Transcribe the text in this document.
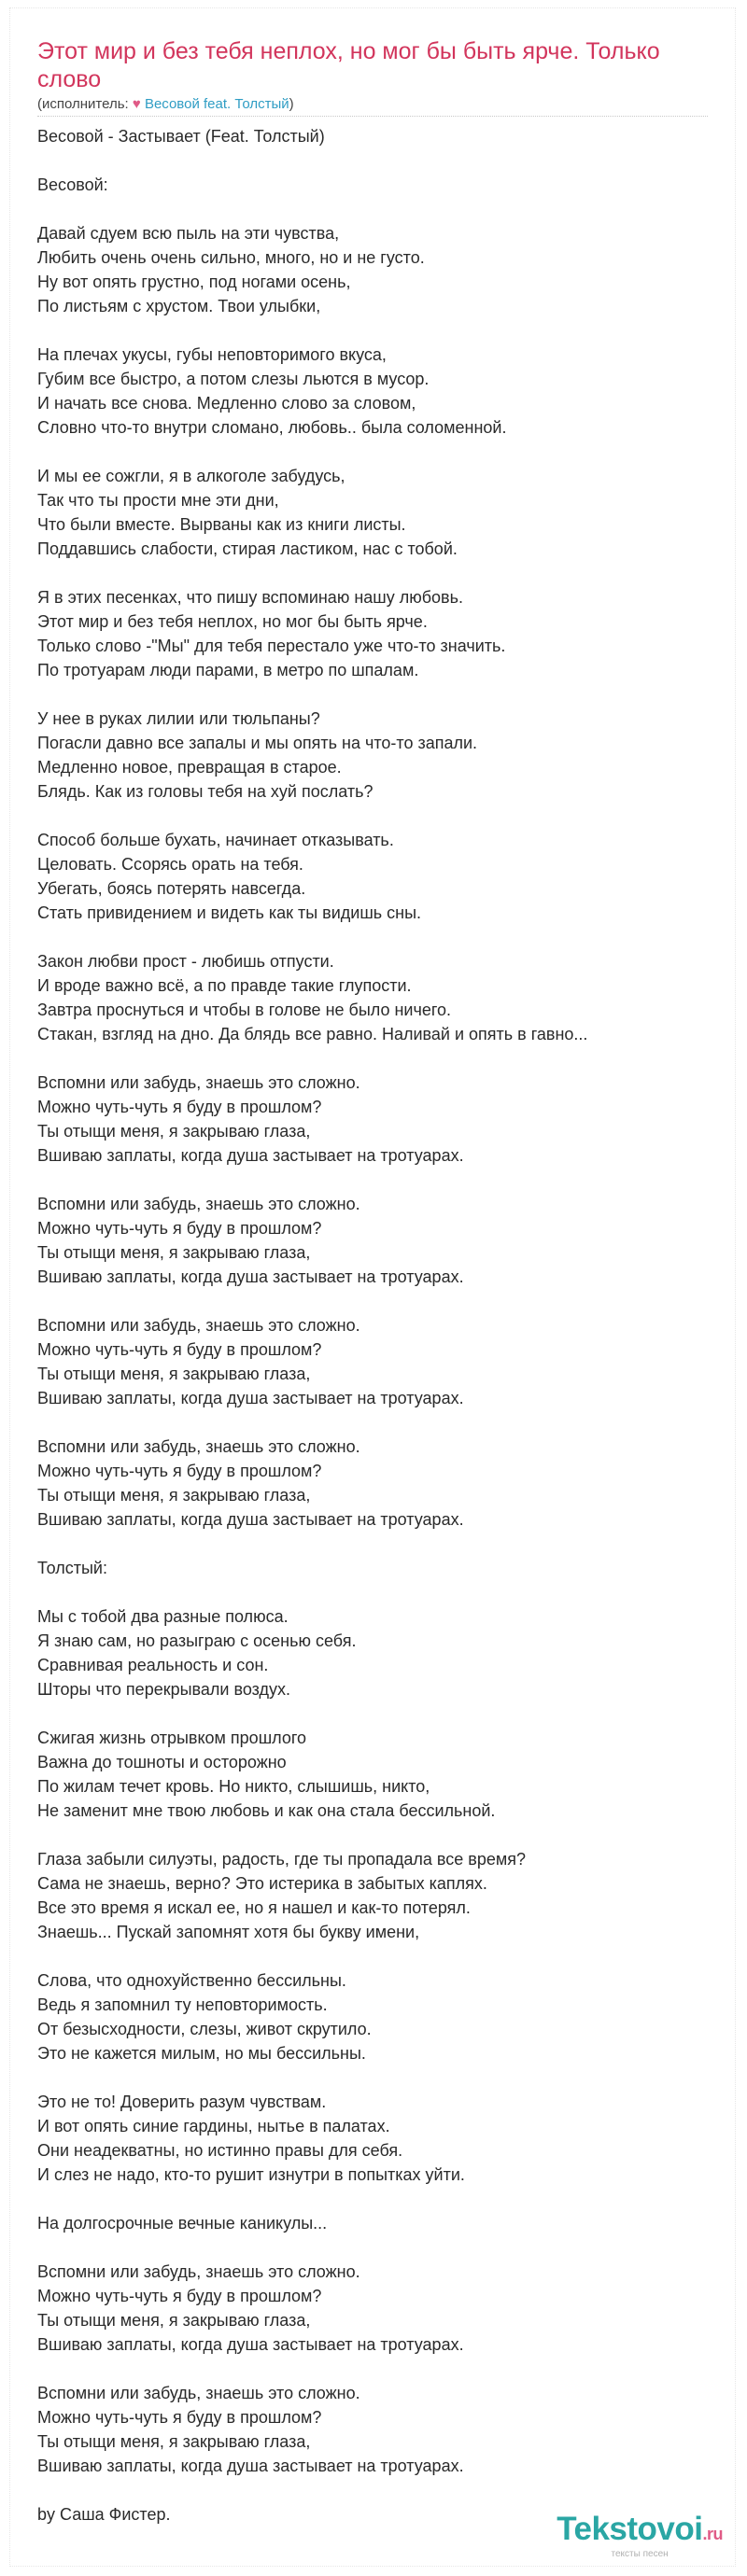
Этот мир и без тебя неплох, но мог бы быть ярче. Только слово
(исполнитель: ♥ Весовой feat. Толстый)
Весовой - Застывает (Feat. Толстый)
Весовой:
Давай сдуем всю пыль на эти чувства,
Любить очень очень сильно, много, но и не густо.
Ну вот опять грустно, под ногами осень,
По листьям с хрустом. Твои улыбки,
На плечах укусы, губы неповторимого вкуса,
Губим все быстро, а потом слезы льются в мусор.
И начать все снова. Медленно слово за словом,
Словно что-то внутри сломано, любовь.. была соломенной.
И мы ее сожгли, я в алкоголе забудусь,
Так что ты прости мне эти дни,
Что были вместе. Вырваны как из книги листы.
Поддавшись слабости, стирая ластиком, нас с тобой.
Я в этих песенках, что пишу вспоминаю нашу любовь.
Этот мир и без тебя неплох, но мог бы быть ярче.
Только слово -"Мы" для тебя перестало уже что-то значить.
По тротуарам люди парами, в метро по шпалам.
У нее в руках лилии или тюльпаны?
Погасли давно все запалы и мы опять на что-то запали.
Медленно новое, превращая в старое.
Блядь. Как из головы тебя на хуй послать?
Способ больше бухать, начинает отказывать.
Целовать. Ссорясь орать на тебя.
Убегать, боясь потерять навсегда.
Стать привидением и видеть как ты видишь сны.
Закон любви прост - любишь отпусти.
И вроде важно всё, а по правде такие глупости.
Завтра проснуться и чтобы в голове не было ничего.
Стакан, взгляд на дно. Да блядь все равно. Наливай и опять в гавно...
Вспомни или забудь, знаешь это сложно.
Можно чуть-чуть я буду в прошлом?
Ты отыщи меня, я закрываю глаза,
Вшиваю заплаты, когда душа застывает на тротуарах.
Вспомни или забудь, знаешь это сложно.
Можно чуть-чуть я буду в прошлом?
Ты отыщи меня, я закрываю глаза,
Вшиваю заплаты, когда душа застывает на тротуарах.
Вспомни или забудь, знаешь это сложно.
Можно чуть-чуть я буду в прошлом?
Ты отыщи меня, я закрываю глаза,
Вшиваю заплаты, когда душа застывает на тротуарах.
Вспомни или забудь, знаешь это сложно.
Можно чуть-чуть я буду в прошлом?
Ты отыщи меня, я закрываю глаза,
Вшиваю заплаты, когда душа застывает на тротуарах.
Толстый:
Мы с тобой два разные полюса.
Я знаю сам, но разыграю с осенью себя.
Сравнивая реальность и сон.
Шторы что перекрывали воздух.
Сжигая жизнь отрывком прошлого
Важна до тошноты и осторожно
По жилам течет кровь. Но никто, слышишь, никто,
Не заменит мне твою любовь и как она стала бессильной.
Глаза забыли силуэты, радость, где ты пропадала все время?
Сама не знаешь, верно? Это истерика в забытых каплях.
Все это время я искал ее, но я нашел и как-то потерял.
Знаешь... Пускай запомнят хотя бы букву имени,
Слова, что однохуйственно бессильны.
Ведь я запомнил ту неповторимость.
От безысходности, слезы, живот скрутило.
Это не кажется милым, но мы бессильны.
Это не то! Доверить разум чувствам.
И вот опять синие гардины, нытье в палатах.
Они неадекватны, но истинно правы для себя.
И слез не надо, кто-то рушит изнутри в попытках уйти.
На долгосрочные вечные каникулы...
Вспомни или забудь, знаешь это сложно.
Можно чуть-чуть я буду в прошлом?
Ты отыщи меня, я закрываю глаза,
Вшиваю заплаты, когда душа застывает на тротуарах.
Вспомни или забудь, знаешь это сложно.
Можно чуть-чуть я буду в прошлом?
Ты отыщи меня, я закрываю глаза,
Вшиваю заплаты, когда душа застывает на тротуарах.
by Саша Фистер.	Tekstovoi.ru
тексты песен
